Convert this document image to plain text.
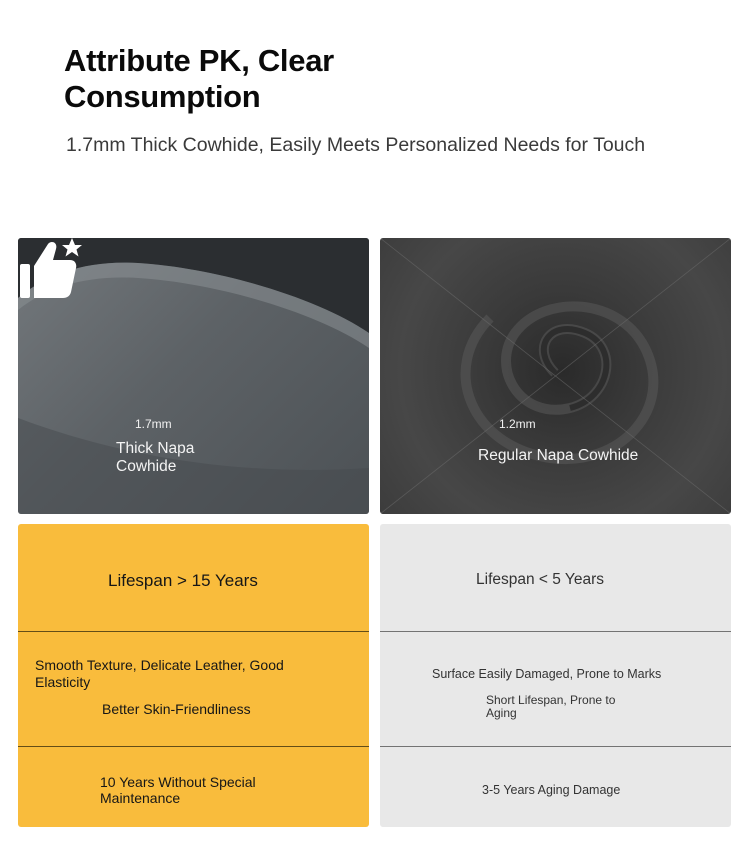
Attribute PK, Clear
Consumption

1.7mm Thick Cowhide, Easily Meets Personalized Needs for Touch

1.7mm

Thick Napa
Cowhide

1.2mm

Regular Napa Cowhide

Lifespan > 15 Years

Smooth Texture, Delicate Leather, Good
Elasticity

Better Skin-Friendliness

10 Years Without Special
Maintenance

Lifespan < 5 Years

Surface Easily Damaged, Prone to Marks

Short Lifespan, Prone to
Aging

3-5 Years Aging Damage
